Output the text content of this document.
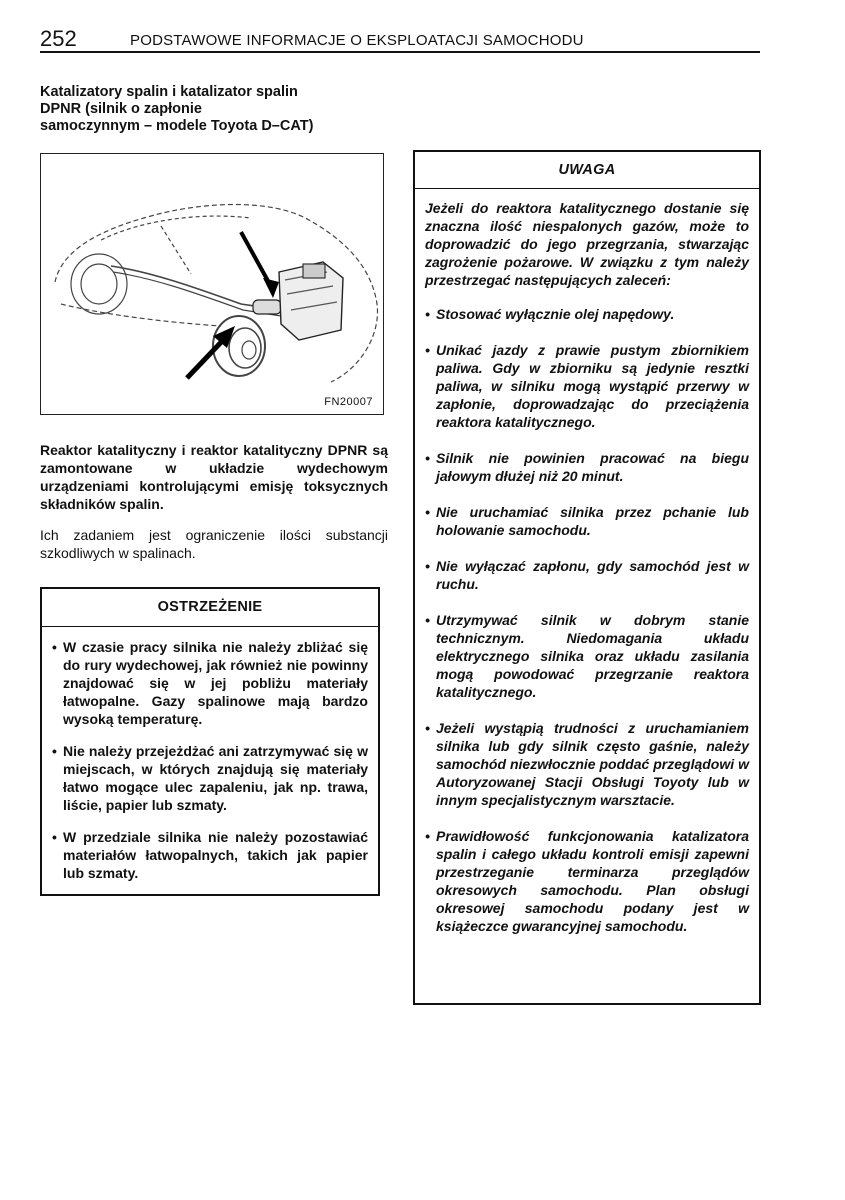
252	PODSTAWOWE INFORMACJE O EKSPLOATACJI SAMOCHODU

Katalizatory spalin i katalizator spalin
DPNR (silnik o zapłonie
samoczynnym – modele Toyota D–CAT)

FN20007

Reaktor katalityczny i reaktor katalityczny DPNR są zamontowane w układzie wydechowym urządzeniami kontrolującymi emisję toksycznych składników spalin.

Ich zadaniem jest ograniczenie ilości substancji szkodliwych w spalinach.

OSTRZEŻENIE
• W czasie pracy silnika nie należy zbliżać się do rury wydechowej, jak również nie powinny znajdować się w jej pobliżu materiały łatwopalne. Gazy spalinowe mają bardzo wysoką temperaturę.
• Nie należy przejeżdżać ani zatrzymywać się w miejscach, w których znajdują się materiały łatwo mogące ulec zapaleniu, jak np. trawa, liście, papier lub szmaty.
• W przedziale silnika nie należy pozostawiać materiałów łatwopalnych, takich jak papier lub szmaty.
UWAGA

Jeżeli do reaktora katalitycznego dostanie się znaczna ilość niespalonych gazów, może to doprowadzić do jego przegrzania, stwarzając zagrożenie pożarowe. W związku z tym należy przestrzegać następujących zaleceń:

• Stosować wyłącznie olej napędowy.
• Unikać jazdy z prawie pustym zbiornikiem paliwa. Gdy w zbiorniku są jedynie resztki paliwa, w silniku mogą wystąpić przerwy w zapłonie, doprowadzając do przeciążenia reaktora katalitycznego.
• Silnik nie powinien pracować na biegu jałowym dłużej niż 20 minut.
• Nie uruchamiać silnika przez pchanie lub holowanie samochodu.
• Nie wyłączać zapłonu, gdy samochód jest w ruchu.
• Utrzymywać silnik w dobrym stanie technicznym. Niedomagania układu elektrycznego silnika oraz układu zasilania mogą powodować przegrzanie reaktora katalitycznego.
• Jeżeli wystąpią trudności z uruchamianiem silnika lub gdy silnik często gaśnie, należy samochód niezwłocznie poddać przeglądowi w Autoryzowanej Stacji Obsługi Toyoty lub w innym specjalistycznym warsztacie.
• Prawidłowość funkcjonowania katalizatora spalin i całego układu kontroli emisji zapewni przestrzeganie terminarza przeglądów okresowych samochodu. Plan obsługi okresowej samochodu podany jest w książeczce gwarancyjnej samochodu.
